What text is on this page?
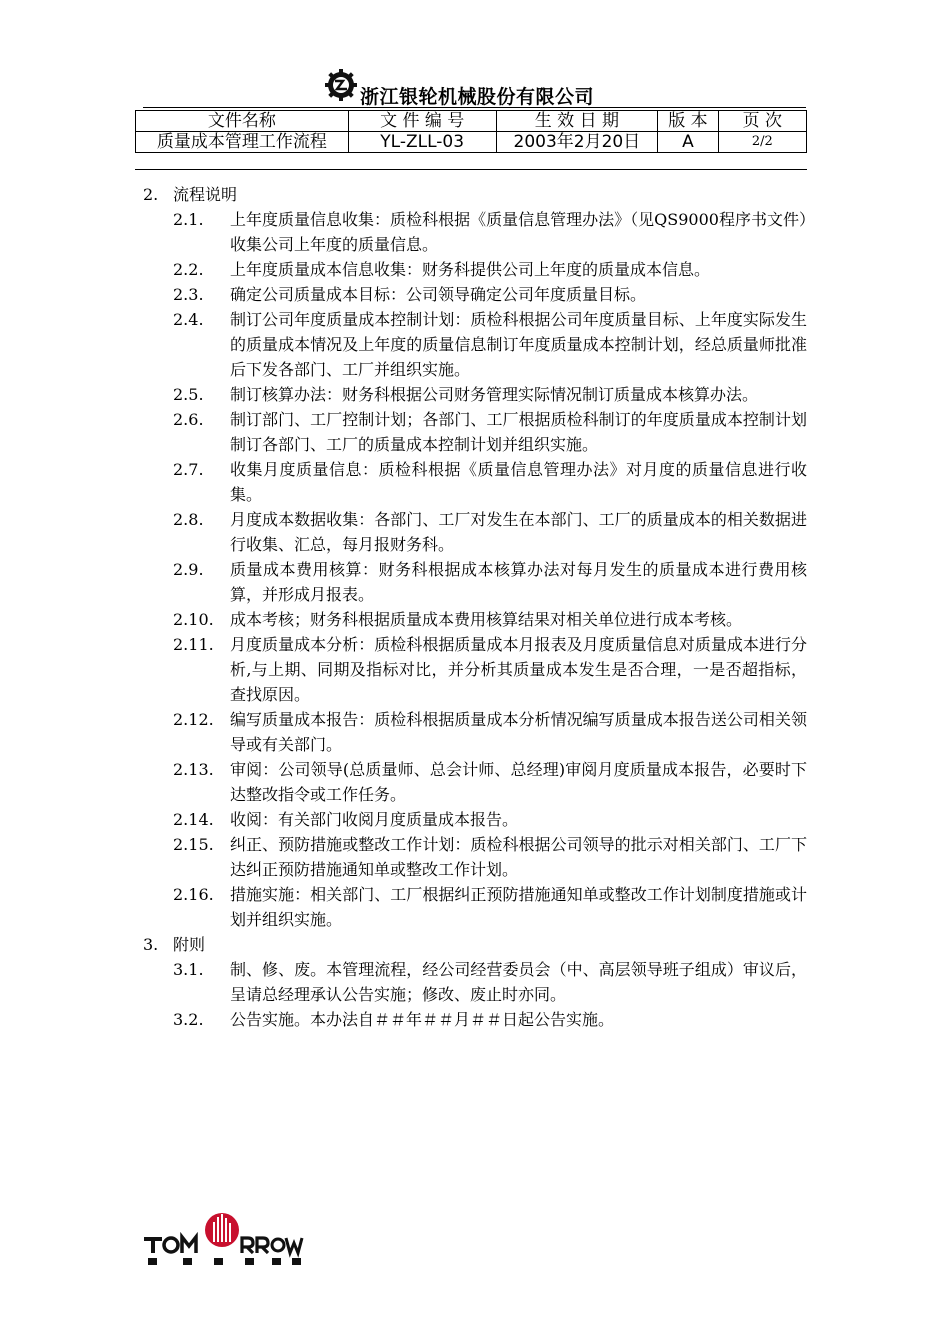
浙江银轮机械股份有限公司
文件名称	文 件 编 号	生 效 日 期	版 本	页 次
质量成本管理工作流程	YL-ZLL-03	2003年2月20日	A	2/2
2. 流程说明
2.1.	上年度质量信息收集：质检科根据《质量信息管理办法》（见QS9000程序书文件）收集公司上年度的质量信息。
2.2.	上年度质量成本信息收集：财务科提供公司上年度的质量成本信息。
2.3.	确定公司质量成本目标：公司领导确定公司年度质量目标。
2.4.	制订公司年度质量成本控制计划：质检科根据公司年度质量目标、上年度实际发生的质量成本情况及上年度的质量信息制订年度质量成本控制计划，经总质量师批准后下发各部门、工厂并组织实施。
2.5.	制订核算办法：财务科根据公司财务管理实际情况制订质量成本核算办法。
2.6.	制订部门、工厂控制计划；各部门、工厂根据质检科制订的年度质量成本控制计划制订各部门、工厂的质量成本控制计划并组织实施。
2.7.	收集月度质量信息：质检科根据《质量信息管理办法》对月度的质量信息进行收集。
2.8.	月度成本数据收集：各部门、工厂对发生在本部门、工厂的质量成本的相关数据进行收集、汇总，每月报财务科。
2.9.	质量成本费用核算：财务科根据成本核算办法对每月发生的质量成本进行费用核算，并形成月报表。
2.10.	成本考核；财务科根据质量成本费用核算结果对相关单位进行成本考核。
2.11.	月度质量成本分析：质检科根据质量成本月报表及月度质量信息对质量成本进行分析,与上期、同期及指标对比，并分析其质量成本发生是否合理，一是否超指标，查找原因。
2.12.	编写质量成本报告：质检科根据质量成本分析情况编写质量成本报告送公司相关领导或有关部门。
2.13.	审阅：公司领导(总质量师、总会计师、总经理)审阅月度质量成本报告，必要时下达整改指令或工作任务。
2.14.	收阅：有关部门收阅月度质量成本报告。
2.15.	纠正、预防措施或整改工作计划：质检科根据公司领导的批示对相关部门、工厂下达纠正预防措施通知单或整改工作计划。
2.16.	措施实施：相关部门、工厂根据纠正预防措施通知单或整改工作计划制度措施或计划并组织实施。
3. 附则
3.1.	制、修、废。本管理流程，经公司经营委员会（中、高层领导班子组成）审议后，呈请总经理承认公告实施；修改、废止时亦同。
3.2.	公告实施。本办法自＃＃年＃＃月＃＃日起公告实施。
